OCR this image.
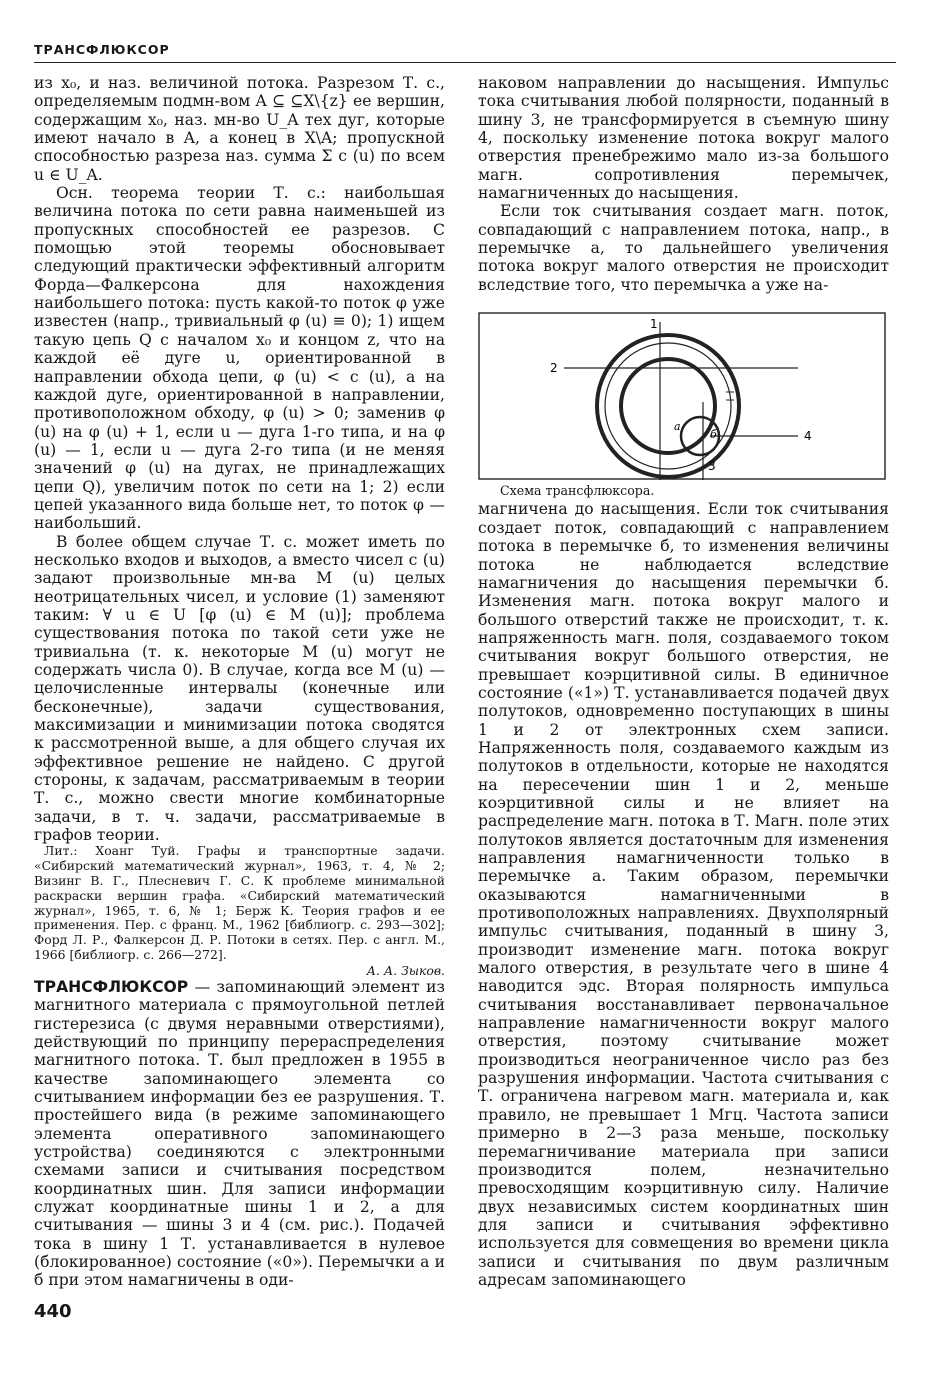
ТРАНСФЛЮКСОР

из x₀, и наз. величиной потока. Разрезом Т. с., определяемым подмн-вом A ⊆ ⊆X\{z} ее вершин, содержащим x₀, наз. мн-во U_A тех дуг, которые имеют начало в A, а конец в X\A; пропускной способностью разреза наз. сумма Σ c (u) по всем u ∈ U_A.

Осн. теорема теории Т. с.: наибольшая величина потока по сети равна наименьшей из пропускных способностей ее разрезов. С помощью этой теоремы обосновывает следующий практически эффективный алгоритм Форда—Фалкерсона для нахождения наибольшего потока: пусть какой-то поток φ уже известен (напр., тривиальный φ (u) ≡ 0); 1) ищем такую цепь Q с началом x₀ и концом z, что на каждой её дуге u, ориентированной в направлении обхода цепи, φ (u) < c (u), а на каждой дуге, ориентированной в направлении, противоположном обходу, φ (u) > 0; заменив φ (u) на φ (u) + 1, если u — дуга 1-го типа, и на φ (u) — 1, если u — дуга 2-го типа (и не меняя значений φ (u) на дугах, не принадлежащих цепи Q), увеличим поток по сети на 1; 2) если цепей указанного вида больше нет, то поток φ — наибольший.

В более общем случае Т. с. может иметь по несколько входов и выходов, а вместо чисел c (u) задают произвольные мн-ва M (u) целых неотрицательных чисел, и условие (1) заменяют таким: ∀ u ∈ U [φ (u) ∈ M (u)]; проблема существования потока по такой сети уже не тривиальна (т. к. некоторые M (u) могут не содержать числа 0). В случае, когда все M (u) — целочисленные интервалы (конечные или бесконечные), задачи существования, максимизации и минимизации потока сводятся к рассмотренной выше, а для общего случая их эффективное решение не найдено. С другой стороны, к задачам, рассматриваемым в теории Т. с., можно свести многие комбинаторные задачи, в т. ч. задачи, рассматриваемые в графов теории.

Лит.: Хоанг Туй. Графы и транспортные задачи. «Сибирский математический журнал», 1963, т. 4, № 2; Визинг В. Г., Плесневич Г. С. К проблеме минимальной раскраски вершин графа. «Сибирский математический журнал», 1965, т. 6, № 1; Берж К. Теория графов и ее применения. Пер. с франц. М., 1962 [библиогр. с. 293—302]; Форд Л. Р., Фалкерсон Д. Р. Потоки в сетях. Пер. с англ. М., 1966 [библиогр. с. 266—272].

А. А. Зыков.

ТРАНСФЛЮКСОР — запоминающий элемент из магнитного материала с прямоугольной петлей гистерезиса (с двумя неравными отверстиями), действующий по принципу перераспределения магнитного потока. Т. был предложен в 1955 в качестве запоминающего элемента со считыванием информации без ее разрушения. Т. простейшего вида (в режиме запоминающего элемента оперативного запоминающего устройства) соединяются с электронными схемами записи и считывания посредством координатных шин. Для записи информации служат координатные шины 1 и 2, а для считывания — шины 3 и 4 (см. рис.). Подачей тока в шину 1 Т. устанавливается в нулевое (блокированное) состояние («0»). Перемычки a и б при этом намагничены в оди-

наковом направлении до насыщения. Импульс тока считывания любой полярности, поданный в шину 3, не трансформируется в съемную шину 4, поскольку изменение потока вокруг малого отверстия пренебрежимо мало из-за большого магн. сопротивления перемычек, намагниченных до насыщения.

Если ток считывания создает магн. поток, совпадающий с направлением потока, напр., в перемычке a, то дальнейшего увеличения потока вокруг малого отверстия не происходит вследствие того, что перемычка a уже на-

1
2
3
4
a
б

Схема трансфлюксора.

магничена до насыщения. Если ток считывания создает поток, совпадающий с направлением потока в перемычке б, то изменения величины потока не наблюдается вследствие намагничения до насыщения перемычки б. Изменения магн. потока вокруг малого и большого отверстий также не происходит, т. к. напряженность магн. поля, создаваемого током считывания вокруг большого отверстия, не превышает коэрцитивной силы. В единичное состояние («1») Т. устанавливается подачей двух полутоков, одновременно поступающих в шины 1 и 2 от электронных схем записи. Напряженность поля, создаваемого каждым из полутоков в отдельности, которые не находятся на пересечении шин 1 и 2, меньше коэрцитивной силы и не влияет на распределение магн. потока в Т. Магн. поле этих полутоков является достаточным для изменения направления намагниченности только в перемычке a. Таким образом, перемычки оказываются намагниченными в противоположных направлениях. Двухполярный импульс считывания, поданный в шину 3, производит изменение магн. потока вокруг малого отверстия, в результате чего в шине 4 наводится эдс. Вторая полярность импульса считывания восстанавливает первоначальное направление намагниченности вокруг малого отверстия, поэтому считывание может производиться неограниченное число раз без разрушения информации. Частота считывания с Т. ограничена нагревом магн. материала и, как правило, не превышает 1 Мгц. Частота записи примерно в 2—3 раза меньше, поскольку перемагничивание материала при записи производится полем, незначительно превосходящим коэрцитивную силу. Наличие двух независимых систем координатных шин для записи и считывания эффективно используется для совмещения во времени цикла записи и считывания по двум различным адресам запоминающего

440
